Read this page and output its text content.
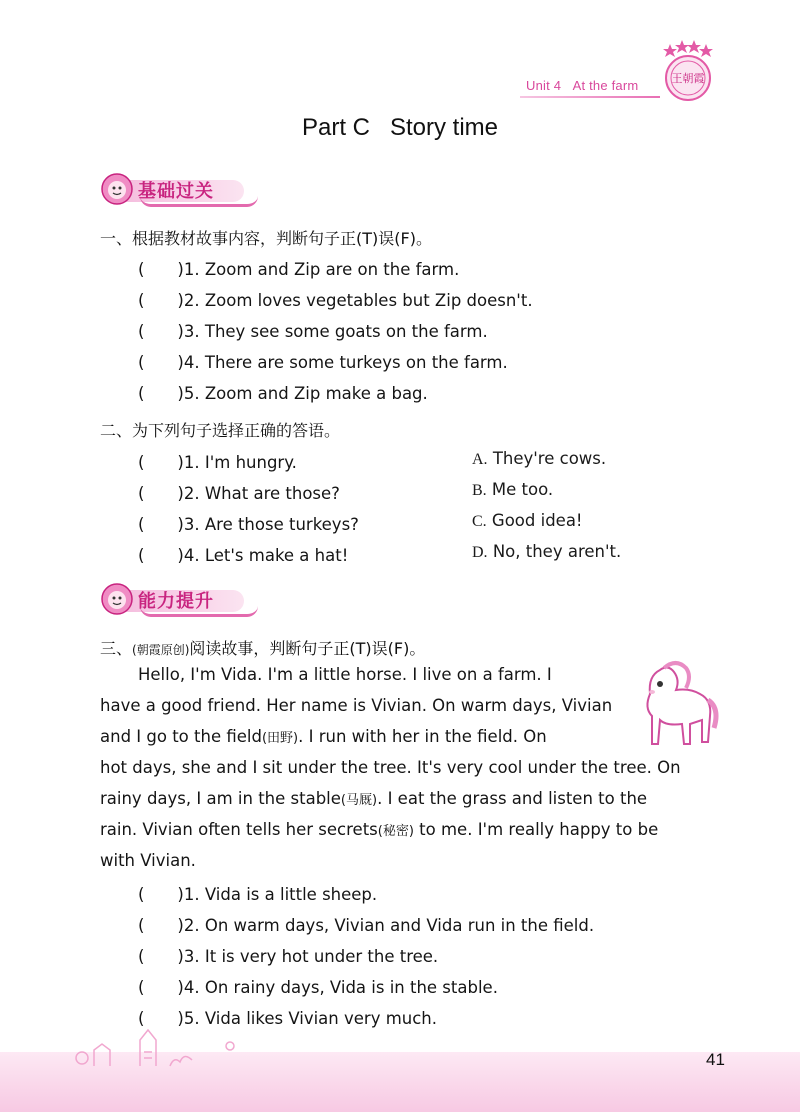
Unit 4 At the farm	王朝霞
Part C Story time
基础过关
一、根据教材故事内容，判断句子正(T)误(F)。
(　　)1. Zoom and Zip are on the farm.
(　　)2. Zoom loves vegetables but Zip doesn't.
(　　)3. They see some goats on the farm.
(　　)4. There are some turkeys on the farm.
(　　)5. Zoom and Zip make a bag.
二、为下列句子选择正确的答语。
(　　)1. I'm hungry.
(　　)2. What are those?
(　　)3. Are those turkeys?
(　　)4. Let's make a hat!
A. They're cows.
B. Me too.
C. Good idea!
D. No, they aren't.
能力提升
三、(朝霞原创)阅读故事，判断句子正(T)误(F)。
Hello, I'm Vida. I'm a little horse. I live on a farm. I
have a good friend. Her name is Vivian. On warm days, Vivian
and I go to the field(田野). I run with her in the field. On
hot days, she and I sit under the tree. It's very cool under the tree. On
rainy days, I am in the stable(马厩). I eat the grass and listen to the
rain. Vivian often tells her secrets(秘密) to me. I'm really happy to be
with Vivian.
(　　)1. Vida is a little sheep.
(　　)2. On warm days, Vivian and Vida run in the field.
(　　)3. It is very hot under the tree.
(　　)4. On rainy days, Vida is in the stable.
(　　)5. Vida likes Vivian very much.
41
